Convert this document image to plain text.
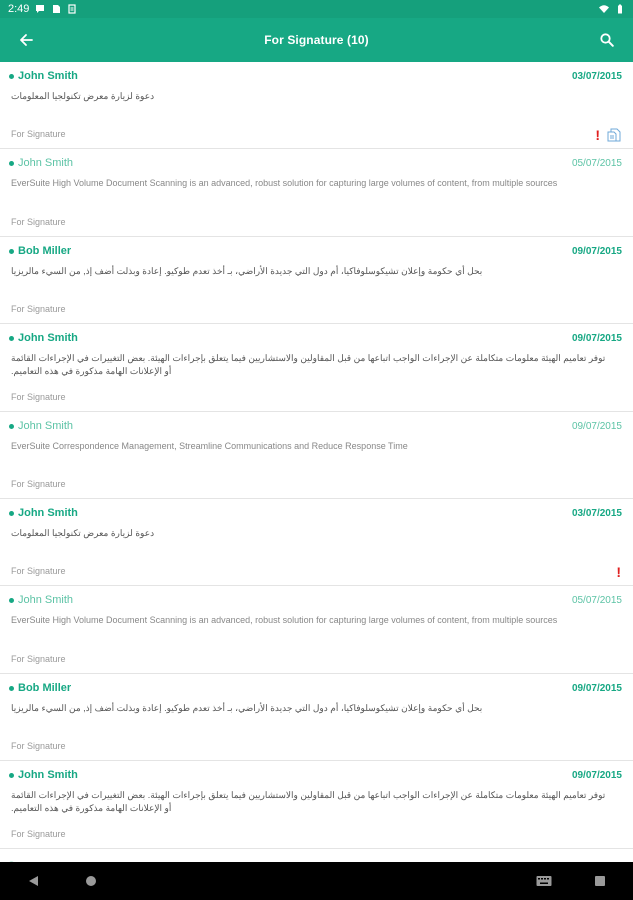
2:49
For Signature (10)
John Smith	03/07/2015
دعوة لزيارة معرض تكنولجيا المعلومات
For Signature	!
John Smith	05/07/2015
EverSuite High Volume Document Scanning is an advanced, robust solution for capturing large volumes of content, from multiple sources
For Signature
Bob Miller	09/07/2015
بحل أي حكومة وإعلان تشيكوسلوفاكيا، أم دول التي جديدة الأراضي، بـ أخذ تعدم طوكيو. إعادة وبذلت أضف إذ, من السيء مالريزيا
For Signature
John Smith	09/07/2015
توفر تعاميم الهيئة معلومات متكاملة عن الإجراءات الواجب اتباعها من قبل المقاولين والاستشاريين فيما يتعلق بإجراءات الهيئة. بعض التغييرات في الإجراءات القائمة أو الإعلانات الهامة مذكورة في هذه التعاميم.
For Signature
John Smith	09/07/2015
EverSuite Correspondence Management, Streamline Communications and Reduce Response Time
For Signature
John Smith	03/07/2015
دعوة لزيارة معرض تكنولجيا المعلومات
For Signature	!
John Smith	05/07/2015
EverSuite High Volume Document Scanning is an advanced, robust solution for capturing large volumes of content, from multiple sources
For Signature
Bob Miller	09/07/2015
بحل أي حكومة وإعلان تشيكوسلوفاكيا، أم دول التي جديدة الأراضي، بـ أخذ تعدم طوكيو. إعادة وبذلت أضف إذ, من السيء مالريزيا
For Signature
John Smith	09/07/2015
توفر تعاميم الهيئة معلومات متكاملة عن الإجراءات الواجب اتباعها من قبل المقاولين والاستشاريين فيما يتعلق بإجراءات الهيئة. بعض التغييرات في الإجراءات القائمة أو الإعلانات الهامة مذكورة في هذه التعاميم.
For Signature
